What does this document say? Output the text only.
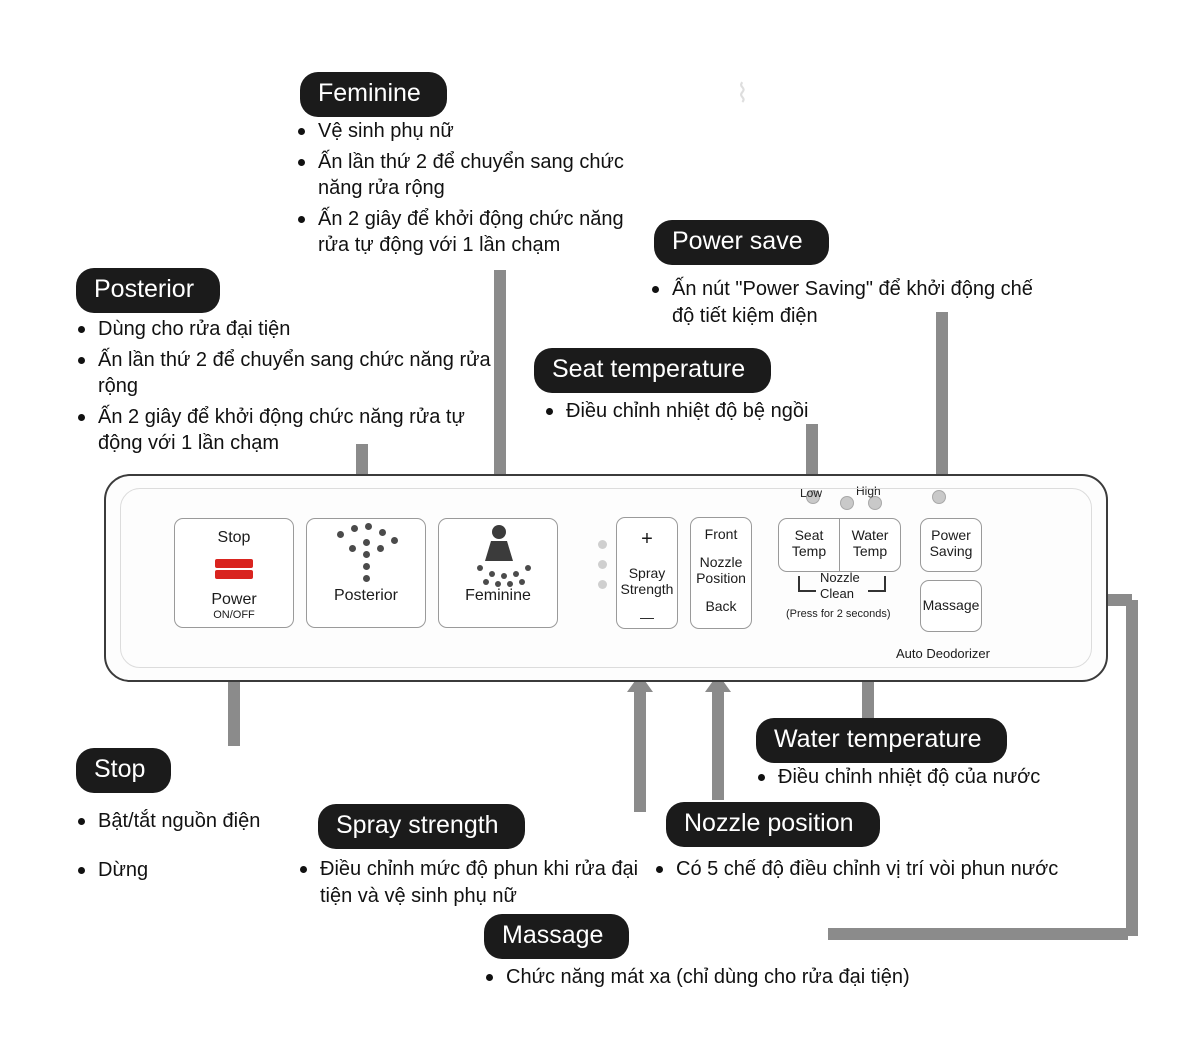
Feminine
Vệ sinh phụ nữ
Ấn lần thứ 2 để chuyển sang chức năng rửa rộng
Ấn 2 giây để khởi động chức năng rửa tự động với 1 lần chạm
Posterior
Dùng cho rửa đại tiện
Ấn lần thứ 2 để chuyển sang chức năng rửa rộng
Ấn 2 giây để khởi động chức năng rửa tự động với 1 lần chạm
Power save
Ấn nút "Power Saving" để khởi động chế độ tiết kiệm điện
Seat temperature
Điều chỉnh nhiệt độ bệ ngồi
Stop
Bật/tắt nguồn điện
Dừng
Spray strength
Điều chỉnh mức độ phun khi rửa đại tiện và vệ sinh phụ nữ
Nozzle position
Có 5 chế độ điều chỉnh vị trí vòi phun nước
Water temperature
Điều chỉnh nhiệt độ của nước
Massage
Chức năng mát xa (chỉ dùng cho rửa đại tiện)
⌇
Stop
Power
ON/OFF
Posterior	Feminine
+
Spray
Strength
—
Front
Nozzle
Position
Back
Low	High
Seat
Temp
Water
Temp
Power
Saving
Nozzle
Clean
(Press for 2 seconds)
Massage
Auto Deodorizer
